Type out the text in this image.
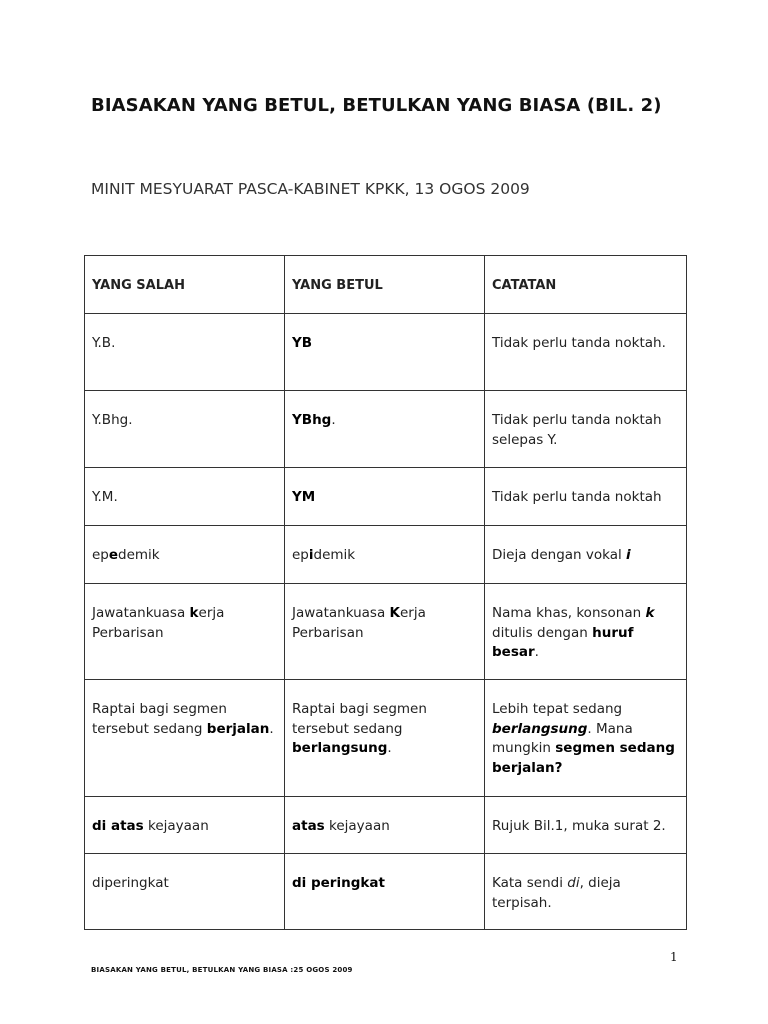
BIASAKAN YANG BETUL, BETULKAN YANG BIASA (BIL. 2)
MINIT MESYUARAT PASCA-KABINET KPKK, 13 OGOS 2009
YANG SALAH	YANG BETUL	CATATAN
Y.B.	YB	Tidak perlu tanda noktah.
Y.Bhg.	YBhg.	Tidak perlu tanda noktah selepas Y.
Y.M.	YM	Tidak perlu tanda noktah
epedemik	epidemik	Dieja dengan vokal i
Jawatankuasa kerja Perbarisan	Jawatankuasa Kerja Perbarisan	Nama khas, konsonan k ditulis dengan huruf besar.
Raptai bagi segmen tersebut sedang berjalan.	Raptai bagi segmen tersebut sedang berlangsung.	Lebih tepat sedang berlangsung. Mana mungkin segmen sedang berjalan?
di atas kejayaan	atas kejayaan	Rujuk Bil.1, muka surat 2.
diperingkat	di peringkat	Kata sendi di, dieja terpisah.
1
BIASAKAN YANG BETUL, BETULKAN YANG BIASA :25 OGOS 2009
